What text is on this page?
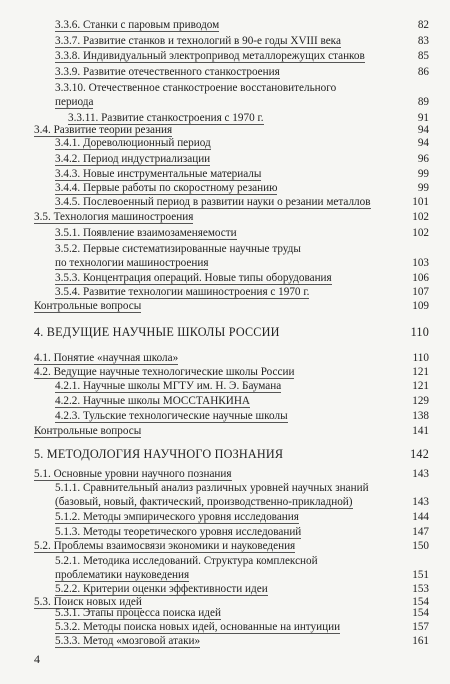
3.3.6. Станки с паровым приводом	82
3.3.7. Развитие станков и технологий в 90-е годы XVIII века	83
3.3.8. Индивидуальный электропривод металлорежущих станков	85
3.3.9. Развитие отечественного станкостроения	86
3.3.10. Отечественное станкостроение восстановительного
периода	89
3.3.11. Развитие станкостроения с 1970 г.	91
3.4. Развитие теории резания	94
3.4.1. Дореволюционный период	94
3.4.2. Период индустриализации	96
3.4.3. Новые инструментальные материалы	99
3.4.4. Первые работы по скоростному резанию	99
3.4.5. Послевоенный период в развитии науки о резании металлов	101
3.5. Технология машиностроения	102
3.5.1. Появление взаимозаменяемости	102
3.5.2. Первые систематизированные научные труды
по технологии машиностроения	103
3.5.3. Концентрация операций. Новые типы оборудования	106
3.5.4. Развитие технологии машиностроения с 1970 г.	107
Контрольные вопросы	109
4. ВЕДУЩИЕ НАУЧНЫЕ ШКОЛЫ РОССИИ	110
4.1. Понятие «научная школа»	110
4.2. Ведущие научные технологические школы России	121
4.2.1. Научные школы МГТУ им. Н. Э. Баумана	121
4.2.2. Научные школы МОССТАНКИНА	129
4.2.3. Тульские технологические научные школы	138
Контрольные вопросы	141
5. МЕТОДОЛОГИЯ НАУЧНОГО ПОЗНАНИЯ	142
5.1. Основные уровни научного познания	143
5.1.1. Сравнительный анализ различных уровней научных знаний
(базовый, новый, фактический, производственно-прикладной)	143
5.1.2. Методы эмпирического уровня исследования	144
5.1.3. Методы теоретического уровня исследований	147
5.2. Проблемы взаимосвязи экономики и науковедения	150
5.2.1. Методика исследований. Структура комплексной
проблематики науковедения	151
5.2.2. Критерии оценки эффективности идеи	153
5.3. Поиск новых идей	154
4
5.3.1. Этапы процесса поиска идей	154
5.3.2. Методы поиска новых идей, основанные на интуиции	157
5.3.3. Метод «мозговой атаки»	161
